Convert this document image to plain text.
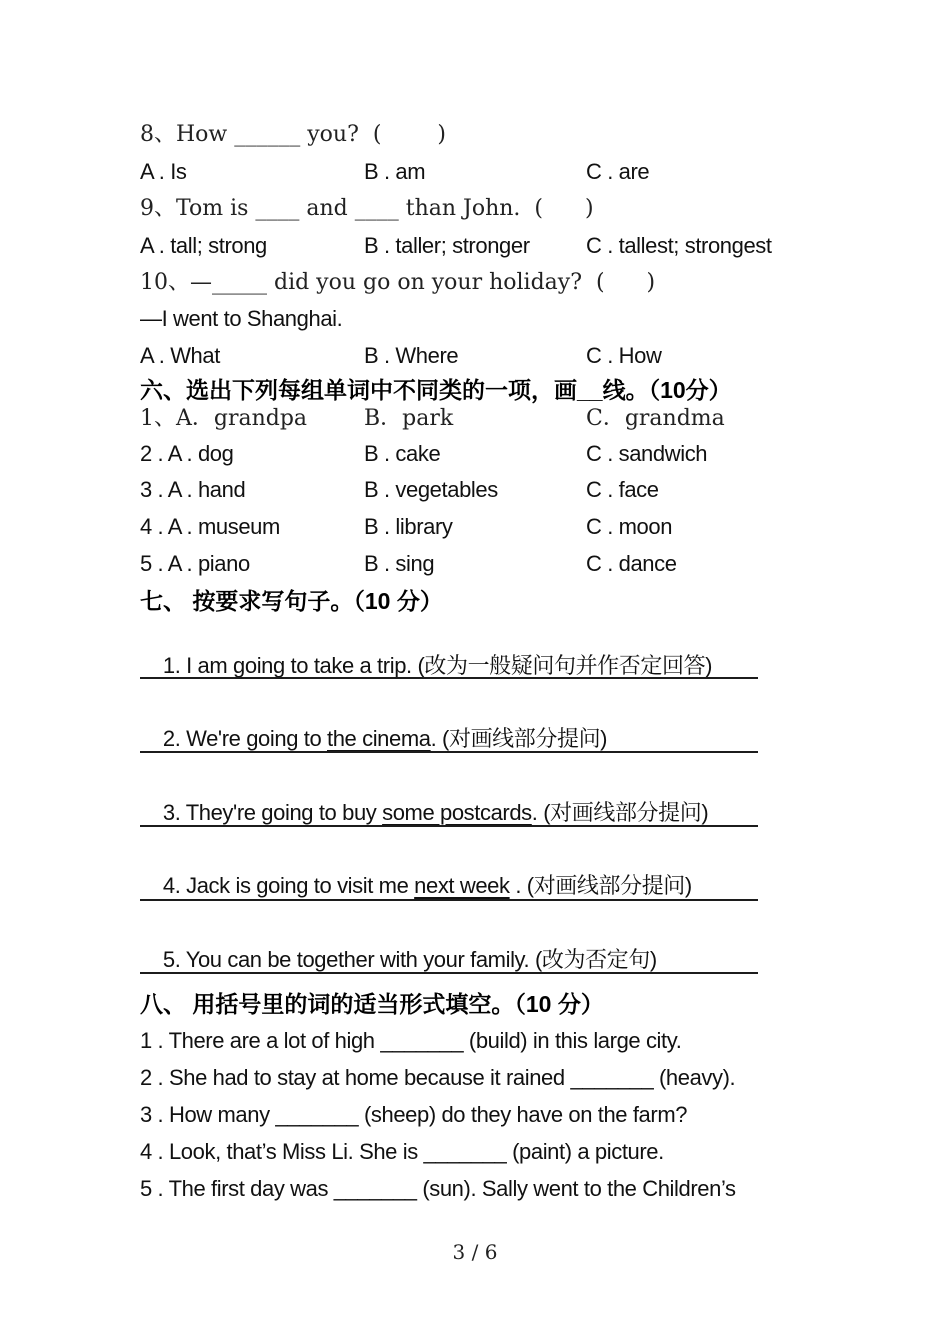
8、How ______ you?  (        )
A . Is	B . am	C . are
9、Tom is ____ and ____ than John.  (      )
A . tall; strong	B . taller; stronger	C . tallest; strongest
10、—_____ did you go on your holiday?  (      )
—I went to Shanghai.
A . What	B . Where	C . How
六、选出下列每组单词中不同类的一项，画__线。（10分）
1、A．grandpa	B．park	C．grandma
2 . A . dog	B . cake	C . sandwich
3 . A . hand	B . vegetables	C . face
4 . A . museum	B . library	C . moon
5 . A . piano	B . sing	C . dance
七、 按要求写句子。（10 分）

1. I am going to take a trip. (改为一般疑问句并作否定回答)

2. We're going to the cinema. (对画线部分提问)

3. They're going to buy some postcards. (对画线部分提问)

4. Jack is going to visit me next week . (对画线部分提问)

5. You can be together with your family. (改为否定句)

八、 用括号里的词的适当形式填空。（10 分）
1 . There are a lot of high _______ (build) in this large city.
2 . She had to stay at home because it rained _______ (heavy).
3 . How many _______ (sheep) do they have on the farm?
4 . Look, that’s Miss Li. She is _______ (paint) a picture.
5 . The first day was _______ (sun). Sally went to the Children’s
3 / 6
